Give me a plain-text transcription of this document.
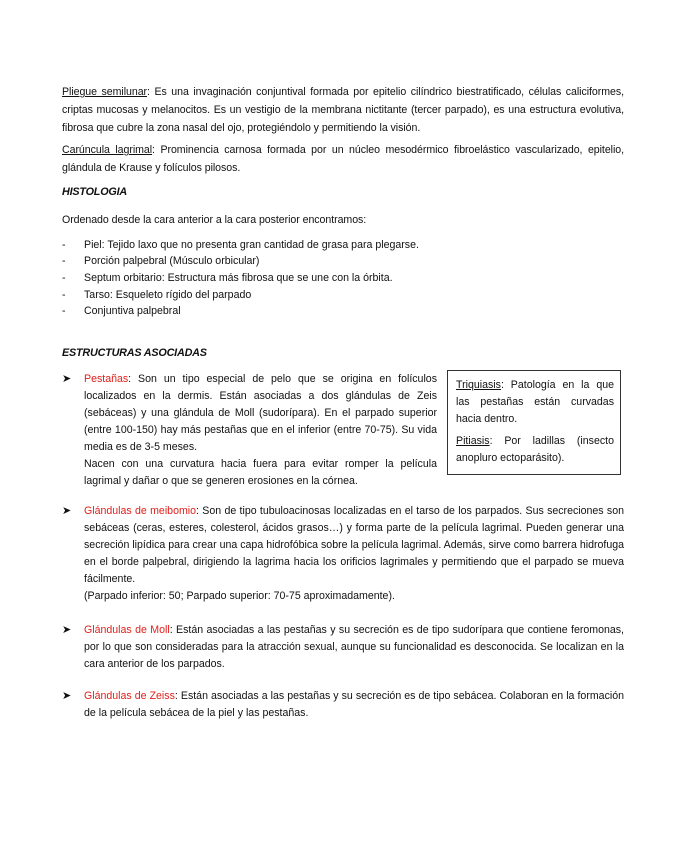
Pliegue semilunar: Es una invaginación conjuntival formada por epitelio cilíndrico biestratificado, células caliciformes, criptas mucosas y melanocitos. Es un vestigio de la membrana nictitante (tercer parpado), es una estructura evolutiva, fibrosa que cubre la zona nasal del ojo, protegiéndolo y permitiendo la visión.
Carúncula lagrimal: Prominencia carnosa formada por un núcleo mesodérmico fibroelástico vascularizado, epitelio, glándula de Krause y folículos pilosos.
HISTOLOGIA
Ordenado desde la cara anterior a la cara posterior encontramos:
- Piel: Tejido laxo que no presenta gran cantidad de grasa para plegarse.
- Porción palpebral (Músculo orbicular)
- Septum orbitario: Estructura más fibrosa que se une con la órbita.
- Tarso: Esqueleto rígido del parpado
- Conjuntiva palpebral
ESTRUCTURAS ASOCIADAS
➤ Pestañas: Son un tipo especial de pelo que se origina en folículos localizados en la dermis. Están asociadas a dos glándulas de Zeis (sebáceas) y una glándula de Moll (sudorípara). En el parpado superior (entre 100-150) hay más pestañas que en el inferior (entre 70-75). Su vida media es de 3-5 meses.
Nacen con una curvatura hacia fuera para evitar romper la película lagrimal y dañar o que se generen erosiones en la córnea.
Triquiasis: Patología en la que las pestañas están curvadas hacia dentro.
Pitiasis: Por ladillas (insecto anopluro ectoparásito).
➤ Glándulas de meibomio: Son de tipo tubuloacinosas localizadas en el tarso de los parpados. Sus secreciones son sebáceas (ceras, esteres, colesterol, ácidos grasos…) y forma parte de la película lagrimal. Pueden generar una secreción lipídica para crear una capa hidrofóbica sobre la película lagrimal. Además, sirve como barrera hidrofuga en el borde palpebral, dirigiendo la lagrima hacia los orificios lagrimales y permitiendo que el parpado se mueva fácilmente.
(Parpado inferior: 50; Parpado superior: 70-75 aproximadamente).
➤ Glándulas de Moll: Están asociadas a las pestañas y su secreción es de tipo sudorípara que contiene feromonas, por lo que son consideradas para la atracción sexual, aunque su funcionalidad es desconocida. Se localizan en la cara anterior de los parpados.
➤ Glándulas de Zeiss: Están asociadas a las pestañas y su secreción es de tipo sebácea. Colaboran en la formación de la película sebácea de la piel y las pestañas.
